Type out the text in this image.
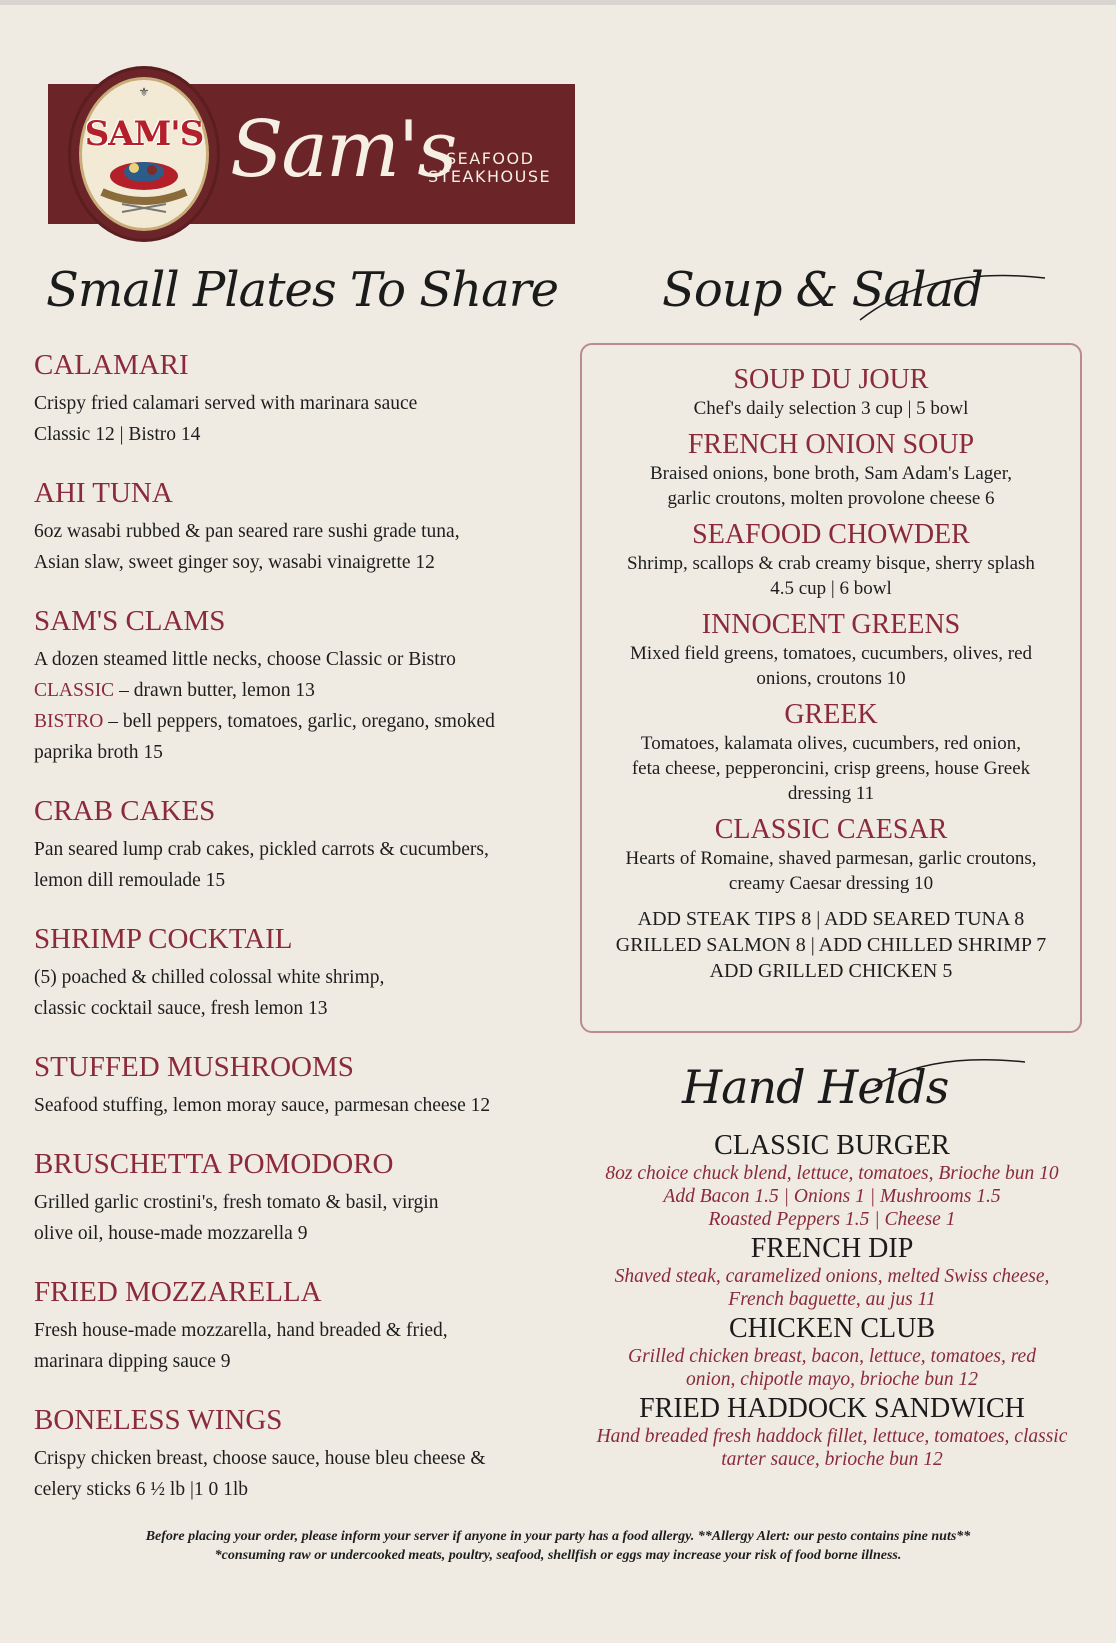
⚜
SAM'S Sam's
SEAFOOD
STEAKHOUSE
Small Plates To Share Soup & Salad
Hand Helds
CALAMARI
Crispy fried calamari served with marinara sauce
Classic 12 | Bistro 14
AHI TUNA
6oz wasabi rubbed & pan seared rare sushi grade tuna,
Asian slaw, sweet ginger soy, wasabi vinaigrette 12
SAM'S CLAMS
A dozen steamed little necks, choose Classic or Bistro
CLASSIC – drawn butter, lemon 13
BISTRO – bell peppers, tomatoes, garlic, oregano, smoked
paprika broth 15
CRAB CAKES
Pan seared lump crab cakes, pickled carrots & cucumbers,
lemon dill remoulade 15
SHRIMP COCKTAIL
(5) poached & chilled colossal white shrimp,
classic cocktail sauce, fresh lemon 13
STUFFED MUSHROOMS
Seafood stuffing, lemon moray sauce, parmesan cheese 12
BRUSCHETTA POMODORO
Grilled garlic crostini's, fresh tomato & basil, virgin
olive oil, house-made mozzarella 9
FRIED MOZZARELLA
Fresh house-made mozzarella, hand breaded & fried,
marinara dipping sauce 9
BONELESS WINGS
Crispy chicken breast, choose sauce, house bleu cheese &
celery sticks 6 ½ lb |1 0 1lb
SOUP DU JOUR
Chef's daily selection 3 cup | 5 bowl
FRENCH ONION SOUP
Braised onions, bone broth, Sam Adam's Lager,
garlic croutons, molten provolone cheese 6
SEAFOOD CHOWDER
Shrimp, scallops & crab creamy bisque, sherry splash
4.5 cup | 6 bowl
INNOCENT GREENS
Mixed field greens, tomatoes, cucumbers, olives, red
onions, croutons 10
GREEK
Tomatoes, kalamata olives, cucumbers, red onion,
feta cheese, pepperoncini, crisp greens, house Greek
dressing 11
CLASSIC CAESAR
Hearts of Romaine, shaved parmesan, garlic croutons,
creamy Caesar dressing 10
ADD STEAK TIPS 8 | ADD SEARED TUNA 8
GRILLED SALMON 8 | ADD CHILLED SHRIMP 7
ADD GRILLED CHICKEN 5
CLASSIC BURGER
8oz choice chuck blend, lettuce, tomatoes, Brioche bun 10
Add Bacon 1.5 | Onions 1 | Mushrooms 1.5
Roasted Peppers 1.5 | Cheese 1
FRENCH DIP
Shaved steak, caramelized onions, melted Swiss cheese,
French baguette, au jus 11
CHICKEN CLUB
Grilled chicken breast, bacon, lettuce, tomatoes, red
onion, chipotle mayo, brioche bun 12
FRIED HADDOCK SANDWICH
Hand breaded fresh haddock fillet, lettuce, tomatoes, classic
tarter sauce, brioche bun 12
Before placing your order, please inform your server if anyone in your party has a food allergy. **Allergy Alert: our pesto contains pine nuts**
*consuming raw or undercooked meats, poultry, seafood, shellfish or eggs may increase your risk of food borne illness.
